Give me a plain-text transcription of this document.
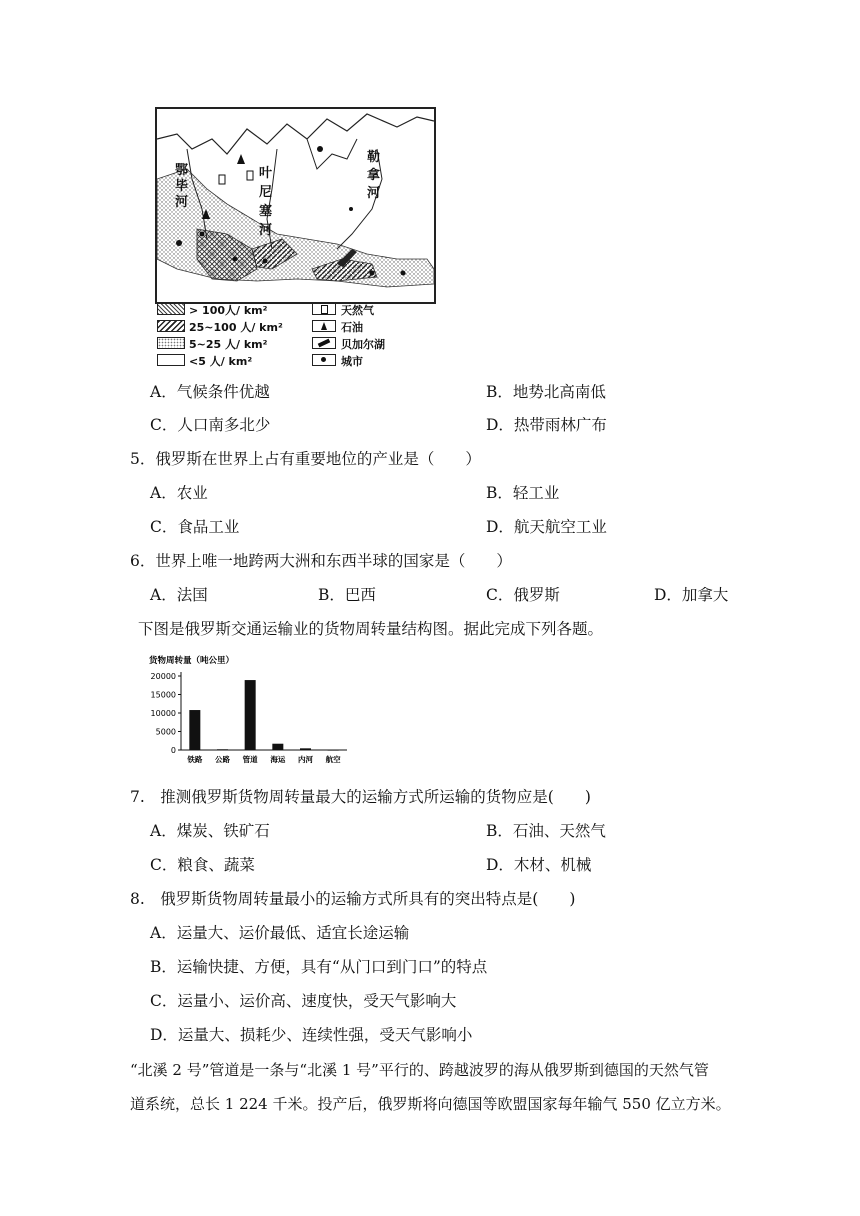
鄂
毕
河
叶
尼
塞
河
勒
拿
河
> 100人/ km²
25~100 人/ km²
5~25 人/ km²
<5 人/ km²
天然气
石油
贝加尔湖
城市
A．气候条件优越	B．地势北高南低
C．人口南多北少	D．热带雨林广布
5．俄罗斯在世界上占有重要地位的产业是（　　）
A．农业	B．轻工业
C．食品工业	D．航天航空工业
6．世界上唯一地跨两大洲和东西半球的国家是（　　）
A．法国	B．巴西	C．俄罗斯	D．加拿大
下图是俄罗斯交通运输业的货物周转量结构图。据此完成下列各题。
货物周转量（吨公里）
0
5000
10000
15000
20000
铁路 公路 管道 海运 内河 航空
7.　推测俄罗斯货物周转量最大的运输方式所运输的货物应是(　　)
A．煤炭、铁矿石	B．石油、天然气
C．粮食、蔬菜	D．木材、机械
8.　俄罗斯货物周转量最小的运输方式所具有的突出特点是(　　)
A．运量大、运价最低、适宜长途运输
B．运输快捷、方便，具有“从门口到门口”的特点
C．运量小、运价高、速度快，受天气影响大
D．运量大、损耗少、连续性强，受天气影响小
“北溪 2 号”管道是一条与“北溪 1 号”平行的、跨越波罗的海从俄罗斯到德国的天然气管
道系统，总长 1 224 千米。投产后，俄罗斯将向德国等欧盟国家每年输气 550 亿立方米。
